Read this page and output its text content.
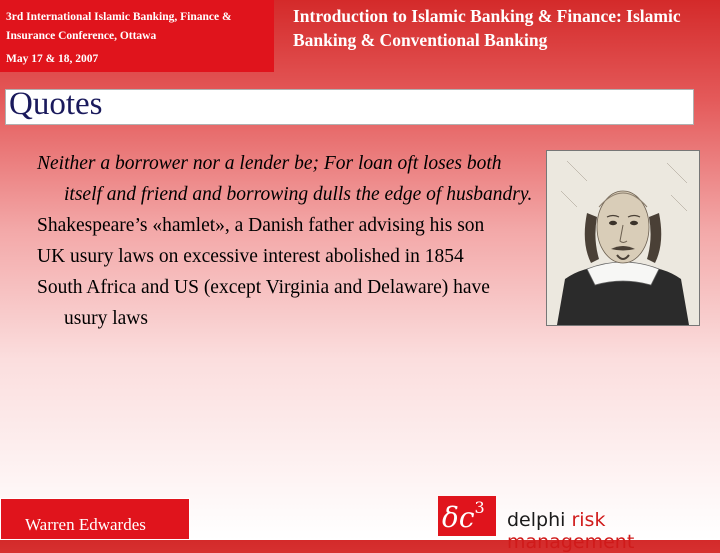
3rd International Islamic Banking, Finance & Insurance Conference, Ottawa
May 17 & 18, 2007
Introduction to Islamic Banking & Finance: Islamic Banking & Conventional Banking
Quotes

Neither a borrower nor a lender be; For loan oft loses both itself and friend and borrowing dulls the edge of husbandry.

Shakespeare’s «hamlet», a Danish father advising his son

UK usury laws on excessive interest abolished in 1854

South Africa and US (except Virginia and Delaware) have usury laws

Warren Edwardes	$\delta c^3$
delphi risk management
